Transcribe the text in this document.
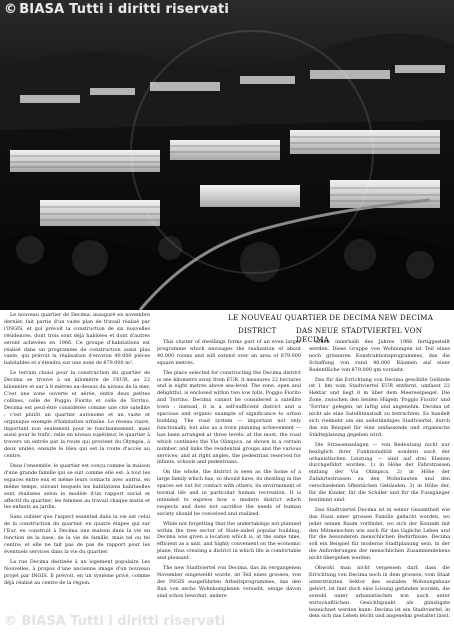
© BIASA Tutti i diritti riservati
© BIASA Tutti i diritti riservati
LE NOUVEAU QUARTIER DE DECIMA NEW DECIMA
DISTRICT	DAS NEUE STADTVIERTEL VON DECIMA

Le nouveau quartier de Decima, inauguré en novembre dernier, fait partie d'un vaste plan de travail réalisé par l'INGIS, et qui prévoit la construction de six nouvelles résidences, dont trois sont déjà habitées et dont d'autres seront achevées en 1966. Ce groupe d'habitations est réalisé dans un programme de construction aussi plus vaste, qui prévoit la réalisation d'environ 40.000 pièces habitables et s'étendra sur une zone de 879.000 m².

Le terrain choisi pour la construction du quartier de Decima se trouve à un kilomètre de l'EUR, au 22 kilomètre et sur à 8 mètres au-dessus du niveau de la mer. C'est une zone ouverte et aérée, entre deux petites collines, celle de Poggio Fiorito et celle de Torrino. Decima est peut-être considérée comme une cité satellite : c'est plutôt un quartier autonome et un vaste et organique exemple d'habitation urbaine. Le réseau viaire, important non seulement pour le fonctionnement, mais aussi pour le trafic, relie un niveau supérieur, le quartier à travers un entrée par la route qui provient du Olympia, à deux unités, ensuite le bleu qui est la route d'accès au centre.

Dans l'ensemble, le quartier est conçu comme la maison d'une grande famille qui se suit comme elle est: à tout les espaces entre eux et même leurs contacts avec autrui, en même temps, suivant lesquels les habitations habituelles sont réalisées selon le modèle d'un rapport social et affectif du quartier; les femmes au travail chaque matin et les enfants au jardin.

Sans oublier que l'aspect essentiel dans la vie est celui de la construction du quartier, en quatre étapes qui sur l'Eur, en construit à Decima une maison dans la vie en fonction de la base, de la vie de famille, mais tel ou tel centre; et elle ne fait pas de pas de rapport pour les éventuels services dans la vie du quartier.

La rue Decima destinée à un logement populaire Les Nouvelles, à propos d'une ancienne image d'un nouveau projet par INGIS. Il prévoit, en un système privé, comme déjà réalisé au centre de la région.

This cluster of dwellings forms part of an even larger programme which envisages the realization of about 40.000 rooms and will extend over an area of 879.000 square metres.

The place selected for constructing the Decima district is one kilometre away from EUR, it measures 22 hectares and is eight metres above sea-level. The zone, open and delightful, is enclosed within two low hills, Poggio Fiorito and Torrino. Decima cannot be considered a satellite town : instead, it is a self-sufficient district and a spacious and organic example of significance to urban building. The road system — important not only functionally, but also as a town planning achievement — has been arranged at three levels: at the most, the road which continues the Via Olimpica, as shown in a certain number, and links the residential groups and the various services; and at right angles, the pedestrian reserved for infants, schools and pedestrians.

On the whole, the district is seen as the home of a large family which has, so should have, its dwelling in the spaces set out for contact with others, its environment of normal life and in particular human recreation. It is intended to express how a modern district which respects and does not sacrifice the needs of human society should be conceived and realized.

While not forgetting that the undertakings not planned within the tree sector of State-aided popular building, Decima was given a location which is, at the same time, efficient as a unit, and highly convenient on the economic plane, thus creating a district in which life is comfortable and pleasant.

The new Stadtviertel von Decima, das im vergangenen November eingeweiht wurde, ist Teil eines grossen, von der INGIS ausgeführten Arbeitsprogrammes, das den Bau von sechs Wohnkomplexen vorsieht, einige davon sind schon bewohnt, andere

sollen innerhalb des Jahres 1966 fertiggestellt werden. Diese Gruppe von Wohnungen ist Teil eines noch grösseren Konstruktionsprogrammes, das die Schaffung von rund 40.000 Räumen auf einer Bodenfläche von 879.000 qm vorsieht.

Das für die Errichtung von Decima gewählte Gelände ist 1 km vom Stadtviertel EUR entfernt, umfasst 22 Hektar und liegt 8 m über dem Meeresspiegel. Die Zone, zwischen den beiden Hügeln 'Poggio Fiorito' und 'Torrino' gelegen, ist luftig und angenehm. Decima ist nicht als eine Satellitenstadt zu betrachten. Es handelt sich vielmehr um ein selbständiges Stadtviertel, durch das ein Beispiel für eine umfassende und organische Städteplanung gegeben wird.

Die Strassenanlagen — von Bedeutung nicht nur bezüglich ihrer Funktionalität sondern auch der urbanistischen Leistung — sind auf drei Ebenen durchgeführt worden. 1) in Höhe der Fahrstrassen entlang der Via Olimpica, 2) in Höhe der Zufahrtsstrassen zu den Wohnbauten und den verschiedenen öffentlichen Gebäuden, 3) in Höhe der, für die Kinder, für die Schüler und für die Fussgänger bestimmt sind.

Das Stadtviertel Decima ist in seiner Gesamtheit wie das Haus einer grossen Familie gedacht worden, wo jeder seinen Raum vorfindet, wo sich der Kontakt mit den Mitmenschen wie auch für das tägliche Leben und für die besonderen menschlichen Bedürfnisse. Decima soll ein Beispiel für moderne Stadtplanung sein, in der die Anforderungen der menschlichen Zusammenlebens nicht übergeben werden.

Obwohl man nicht vergessen darf, dass die Errichtung von Decima noch in dem grossen, vom Staat unterstützten Sektor des sozialen Wohnungsbaus gehört, ist hier doch eine Lösung gefunden worden, die sowohl unter urbanistischen wie auch unter wirtschaftlichen Gesichtspunkt als günstigste bezeichnet werden kann: Decima ist ein Stadtviertel, in dem sich das Leben leicht und angenehm gestaltet lässt.
